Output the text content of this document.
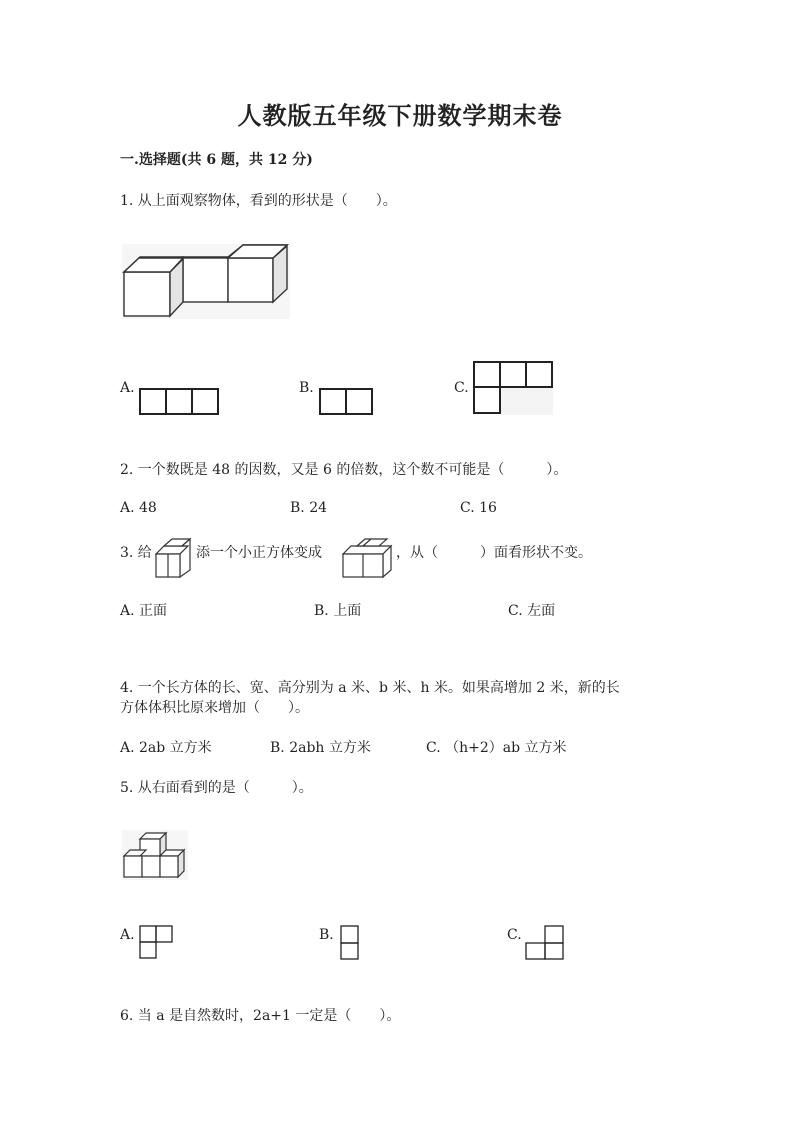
人教版五年级下册数学期末卷
一.选择题(共 6 题，共 12 分)
1. 从上面观察物体，看到的形状是（　　）。
A.	B.	C.
2. 一个数既是 48 的因数，又是 6 的倍数，这个数不可能是（　　　）。
A. 48	B. 24	C. 16
3. 给	添一个小正方体变成	，从（　　　）面看形状不变。
A. 正面	B. 上面	C. 左面
4. 一个长方体的长、宽、高分别为 a 米、b 米、h 米。如果高增加 2 米，新的长
方体体积比原来增加（　　）。
A. 2ab 立方米	B. 2abh 立方米	C. （h+2）ab 立方米
5. 从右面看到的是（　　　）。
A.	B.	C.
6. 当 a 是自然数时，2a+1 一定是（　　）。
